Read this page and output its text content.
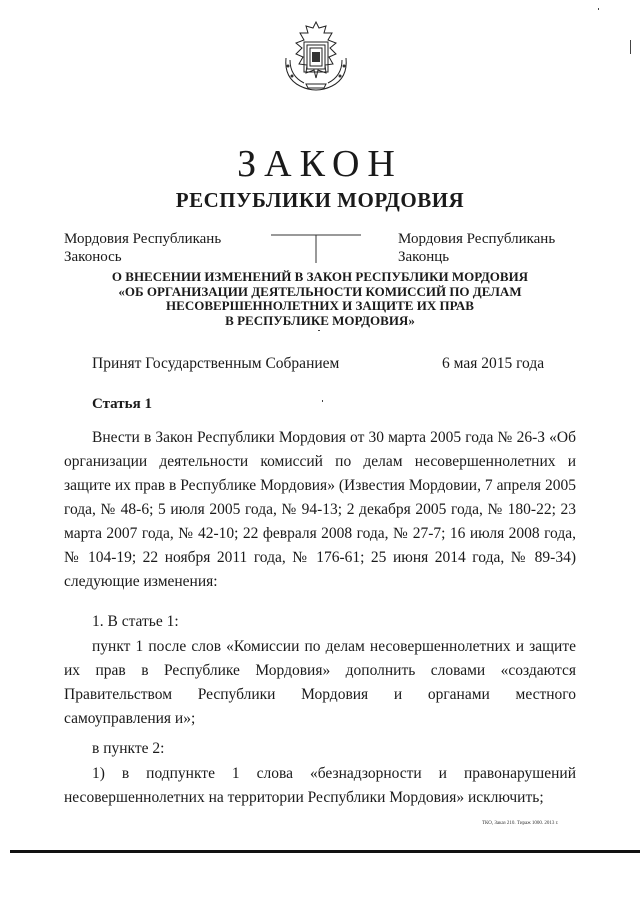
ЗАКОН
РЕСПУБЛИКИ МОРДОВИЯ
Мордовия Республикань
Законось
Мордовия Республикань
Законць
О ВНЕСЕНИИ ИЗМЕНЕНИЙ В ЗАКОН РЕСПУБЛИКИ МОРДОВИЯ
«ОБ ОРГАНИЗАЦИИ ДЕЯТЕЛЬНОСТИ КОМИССИЙ ПО ДЕЛАМ
НЕСОВЕРШЕННОЛЕТНИХ И ЗАЩИТЕ ИХ ПРАВ
В РЕСПУБЛИКЕ МОРДОВИЯ»
Принят Государственным Собранием	6 мая 2015 года
Статья 1
Внести в Закон Республики Мордовия от 30 марта 2005 года № 26-З «Об организации деятельности комиссий по делам несовершеннолетних и защите их прав в Республике Мордовия» (Известия Мордовии, 7 апреля 2005 года, № 48-6; 5 июля 2005 года, № 94-13; 2 декабря 2005 года, № 180-22; 23 марта 2007 года, № 42-10; 22 февраля 2008 года, № 27-7; 16 июля 2008 года, № 104-19; 22 ноября 2011 года, № 176-61; 25 июня 2014 года, № 89-34) следующие изменения:
1. В статье 1:
пункт 1 после слов «Комиссии по делам несовершеннолетних и защите их прав в Республике Мордовия» дополнить словами «создаются Правительством Республики Мордовия и органами местного самоуправления и»;
в пункте 2:
1) в подпункте 1 слова «безнадзорности и правонарушений несовершеннолетних на территории Республики Мордовия» исключить;
ТКО, Заказ 210. Тираж 1000. 2013 г.
